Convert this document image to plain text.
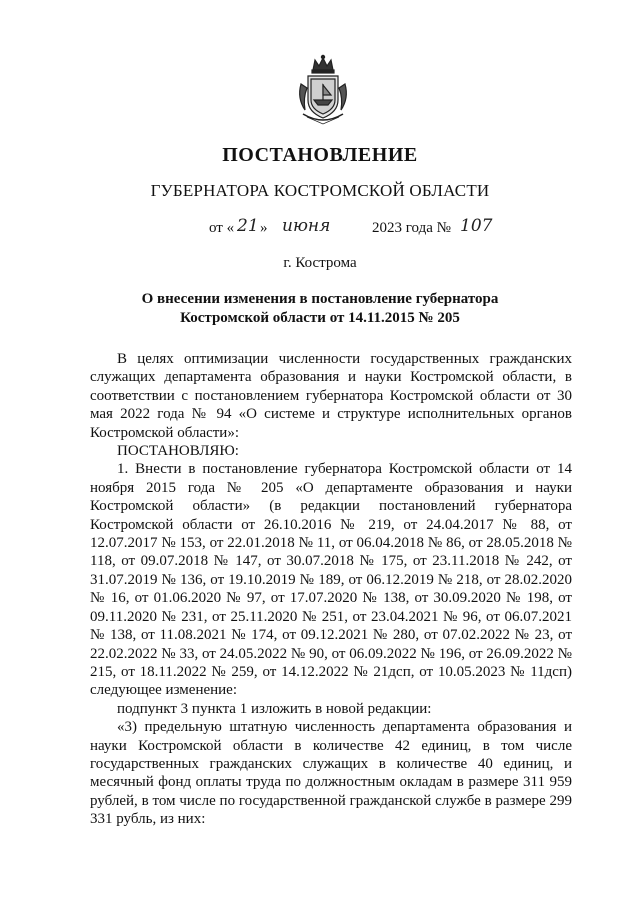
ПОСТАНОВЛЕНИЕ
ГУБЕРНАТОРА КОСТРОМСКОЙ ОБЛАСТИ
от « 21 » июня	2023 года № 107
г. Кострома
О внесении изменения в постановление губернатора
Костромской области от 14.11.2015 № 205

В целях оптимизации численности государственных гражданских служащих департамента образования и науки Костромской области, в соответствии с постановлением губернатора Костромской области от 30 мая 2022 года № 94 «О системе и структуре исполнительных органов Костромской области»:

ПОСТАНОВЛЯЮ:

1. Внести в постановление губернатора Костромской области от 14 ноября 2015 года № 205 «О департаменте образования и науки Костромской области» (в редакции постановлений губернатора Костромской области от 26.10.2016 № 219, от 24.04.2017 № 88, от 12.07.2017 № 153, от 22.01.2018 № 11, от 06.04.2018 № 86, от 28.05.2018 № 118, от 09.07.2018 № 147, от 30.07.2018 № 175, от 23.11.2018 № 242, от 31.07.2019 № 136, от 19.10.2019 № 189, от 06.12.2019 № 218, от 28.02.2020 № 16, от 01.06.2020 № 97, от 17.07.2020 № 138, от 30.09.2020 № 198, от 09.11.2020 № 231, от 25.11.2020 № 251, от 23.04.2021 № 96, от 06.07.2021 № 138, от 11.08.2021 № 174, от 09.12.2021 № 280, от 07.02.2022 № 23, от 22.02.2022 № 33, от 24.05.2022 № 90, от 06.09.2022 № 196, от 26.09.2022 № 215, от 18.11.2022 № 259, от 14.12.2022 № 21дсп, от 10.05.2023 № 11дсп) следующее изменение:

подпункт 3 пункта 1 изложить в новой редакции:

«3) предельную штатную численность департамента образования и науки Костромской области в количестве 42 единиц, в том числе государственных гражданских служащих в количестве 40 единиц, и месячный фонд оплаты труда по должностным окладам в размере 311 959 рублей, в том числе по государственной гражданской службе в размере 299 331 рубль, из них:
